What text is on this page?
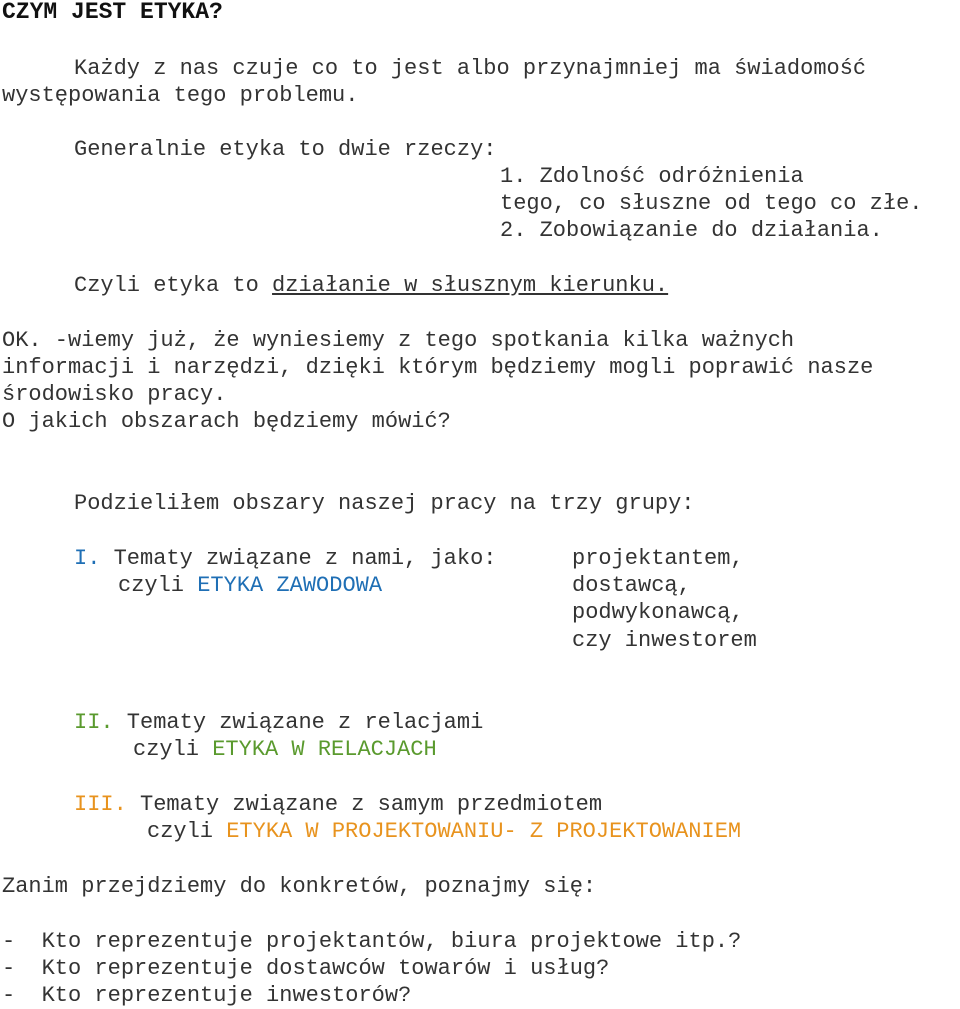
CZYM JEST ETYKA?
Każdy z nas czuje co to jest albo przynajmniej ma świadomość
występowania tego problemu.
Generalnie etyka to dwie rzeczy:
1. Zdolność odróżnienia
tego, co słuszne od tego co złe.
2. Zobowiązanie do działania.
Czyli etyka to działanie w słusznym kierunku.
OK. -wiemy już, że wyniesiemy z tego spotkania kilka ważnych
informacji i narzędzi, dzięki którym będziemy mogli poprawić nasze
środowisko pracy.
O jakich obszarach będziemy mówić?
Podzieliłem obszary naszej pracy na trzy grupy:
I. Tematy związane z nami, jako:
czyli ETYKA ZAWODOWA
projektantem,
dostawcą,
podwykonawcą,
czy inwestorem
II. Tematy związane z relacjami
czyli ETYKA W RELACJACH
III. Tematy związane z samym przedmiotem
czyli ETYKA W PROJEKTOWANIU- Z PROJEKTOWANIEM
Zanim przejdziemy do konkretów, poznajmy się:
-  Kto reprezentuje projektantów, biura projektowe itp.?
-  Kto reprezentuje dostawców towarów i usług?
-  Kto reprezentuje inwestorów?
